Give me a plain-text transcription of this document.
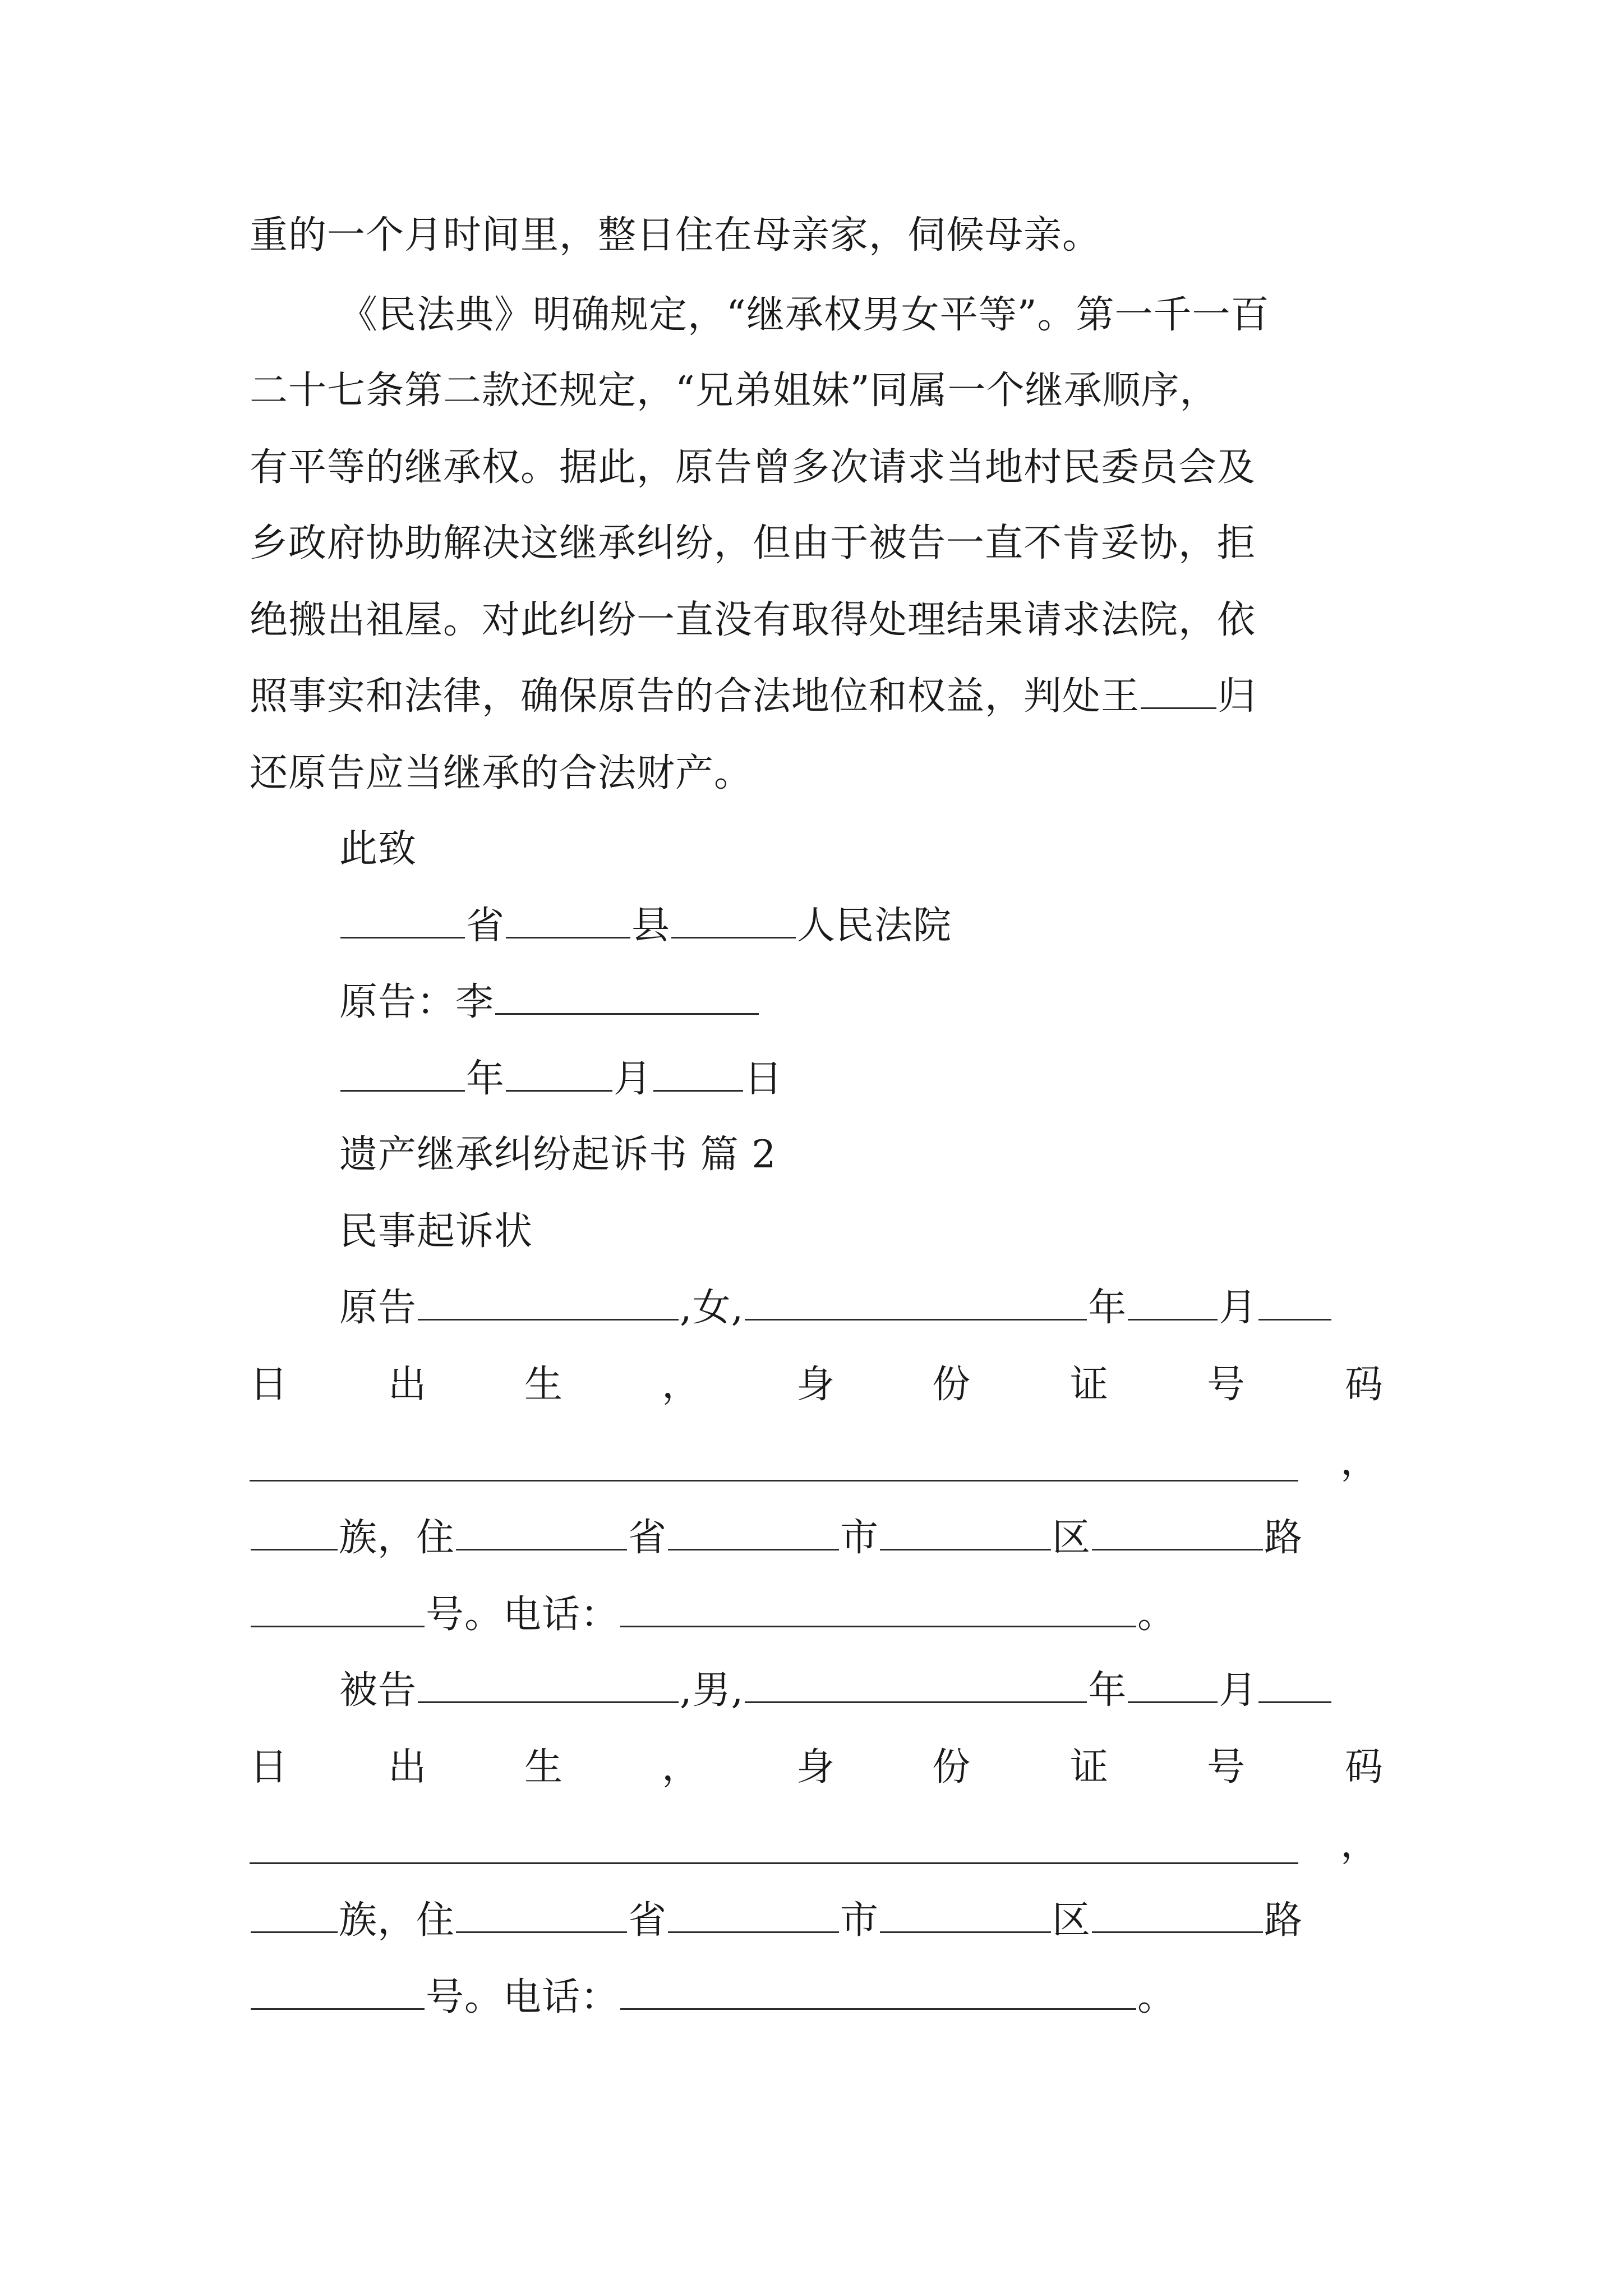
重的一个月时间里，整日住在母亲家，伺候母亲。
《民法典》明确规定，“继承权男女平等”。第一千一百
二十七条第二款还规定，“兄弟姐妹”同属一个继承顺序，
有平等的继承权。据此，原告曾多次请求当地村民委员会及
乡政府协助解决这继承纠纷，但由于被告一直不肯妥协，拒
绝搬出祖屋。对此纠纷一直没有取得处理结果请求法院，依
照事实和法律，确保原告的合法地位和权益，判处王 归
还原告应当继承的合法财产。
此致
省	县	人民法院
原告：李
年	月 日
遗产继承纠纷起诉书 篇 2
民事起诉状
原告	,女,	年 月
日	出	生	，	身	份	证	号	码
，
族，住	省	市	区	路
号。电话：	。
被告	,男,	年 月
日	出	生	，	身	份	证	号	码
，
族，住	省	市	区	路
号。电话：	。
